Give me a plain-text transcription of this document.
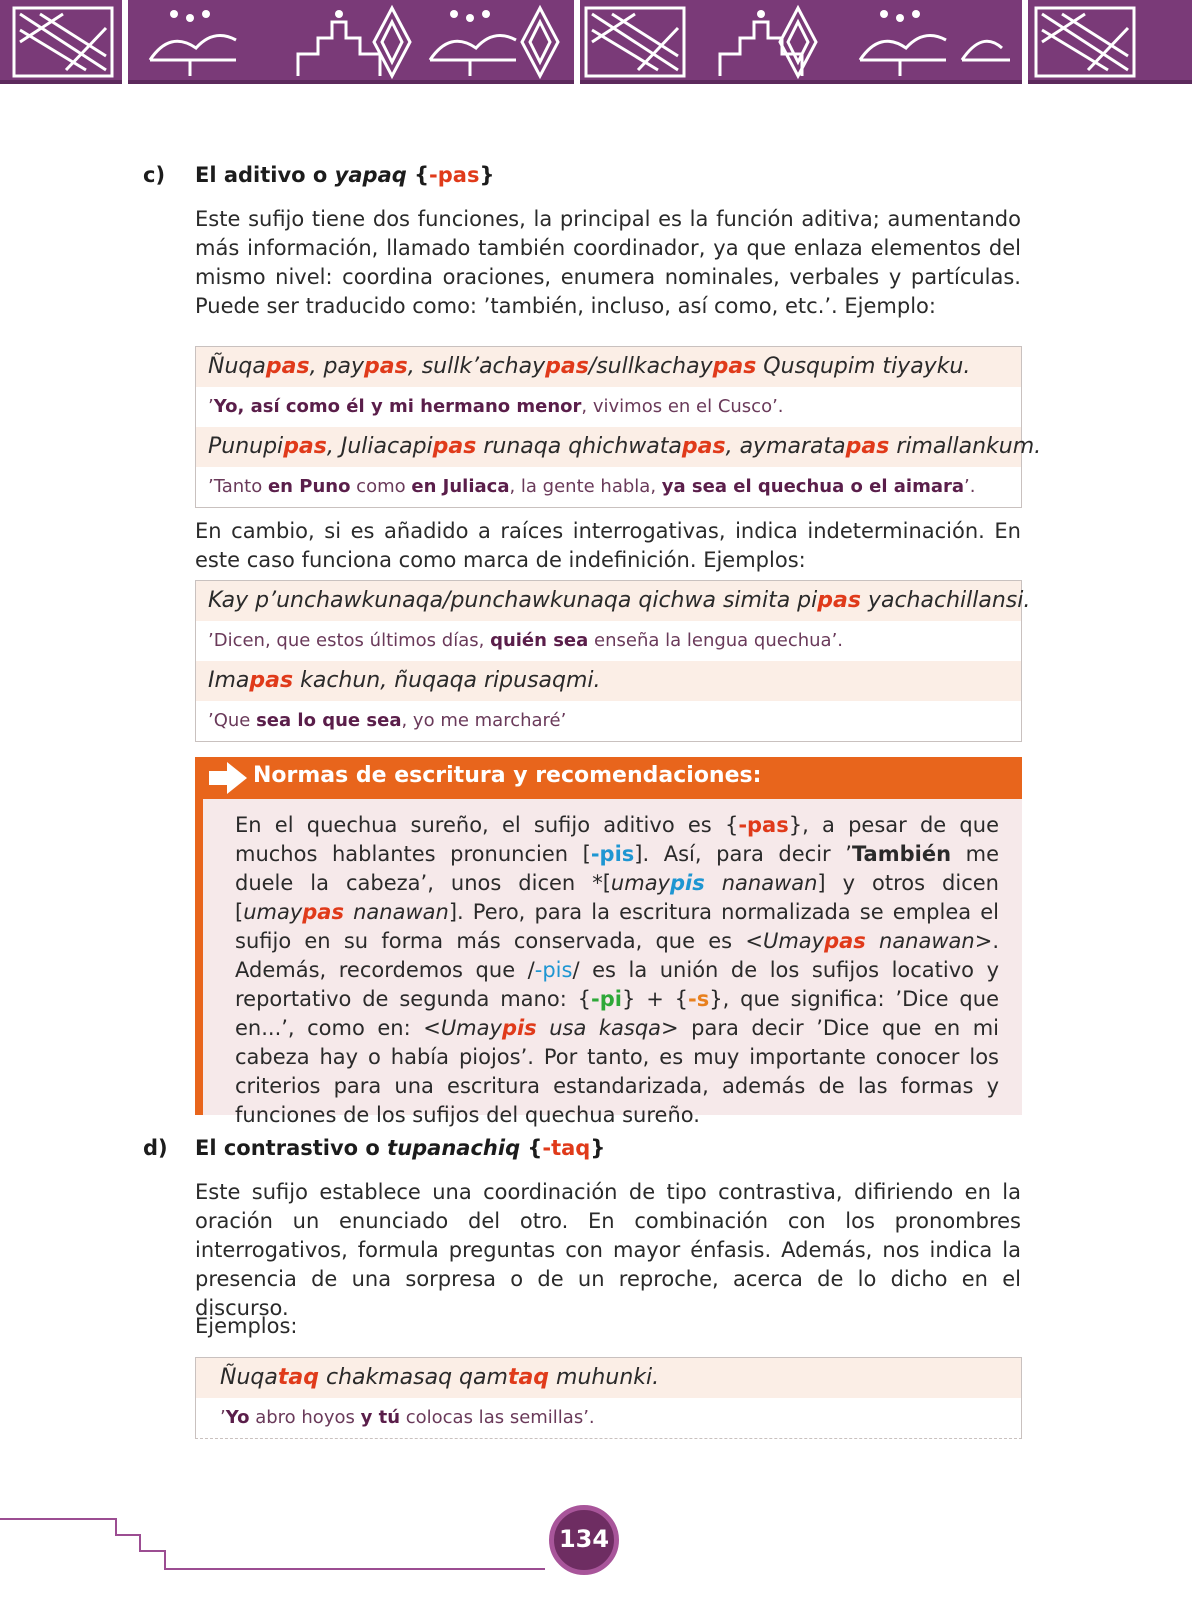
c) El aditivo o yapaq {-pas}
Este sufijo tiene dos funciones, la principal es la función aditiva; aumentando más información, llamado también coordinador, ya que enlaza elementos del mismo nivel: coordina oraciones, enumera nominales, verbales y partículas. Puede ser traducido como: ’también, incluso, así como, etc.’. Ejemplo:
Ñuqapas, paypas, sullk’achaypas/sullkachaypas Qusqupim tiyayku.
’Yo, así como él y mi hermano menor, vivimos en el Cusco’.
Punupipas, Juliacapipas runaqa qhichwatapas, aymaratapas rimallankum.
’Tanto en Puno como en Juliaca, la gente habla, ya sea el quechua o el aimara’.
En cambio, si es añadido a raíces interrogativas, indica indeterminación. En este caso funciona como marca de indefinición. Ejemplos:
Kay p’unchawkunaqa/punchawkunaqa qichwa simita pipas yachachillansi.
’Dicen, que estos últimos días, quién sea enseña la lengua quechua’.
Imapas kachun, ñuqaqa ripusaqmi.
’Que sea lo que sea, yo me marcharé’
Normas de escritura y recomendaciones:
En el quechua sureño, el sufijo aditivo es {-pas}, a pesar de que muchos hablantes pronuncien [-pis]. Así, para decir ’También me duele la cabeza’, unos dicen *[umaypis nanawan] y otros dicen [umaypas nanawan]. Pero, para la escritura normalizada se emplea el sufijo en su forma más conservada, que es <Umaypas nanawan>. Además, recordemos que /-pis/ es la unión de los sufijos locativo y reportativo de segunda mano: {-pi} + {-s}, que significa: ’Dice que en...’, como en: <Umaypis usa kasqa> para decir ’Dice que en mi cabeza hay o había piojos’. Por tanto, es muy importante conocer los criterios para una escritura estandarizada, además de las formas y funciones de los sufijos del quechua sureño.
d) El contrastivo o tupanachiq {-taq}
Este sufijo establece una coordinación de tipo contrastiva, difiriendo en la oración un enunciado del otro. En combinación con los pronombres interrogativos, formula preguntas con mayor énfasis. Además, nos indica la presencia de una sorpresa o de un reproche, acerca de lo dicho en el discurso.
Ejemplos:
Ñuqataq chakmasaq qamtaq muhunki.
’Yo abro hoyos y tú colocas las semillas’.
134
